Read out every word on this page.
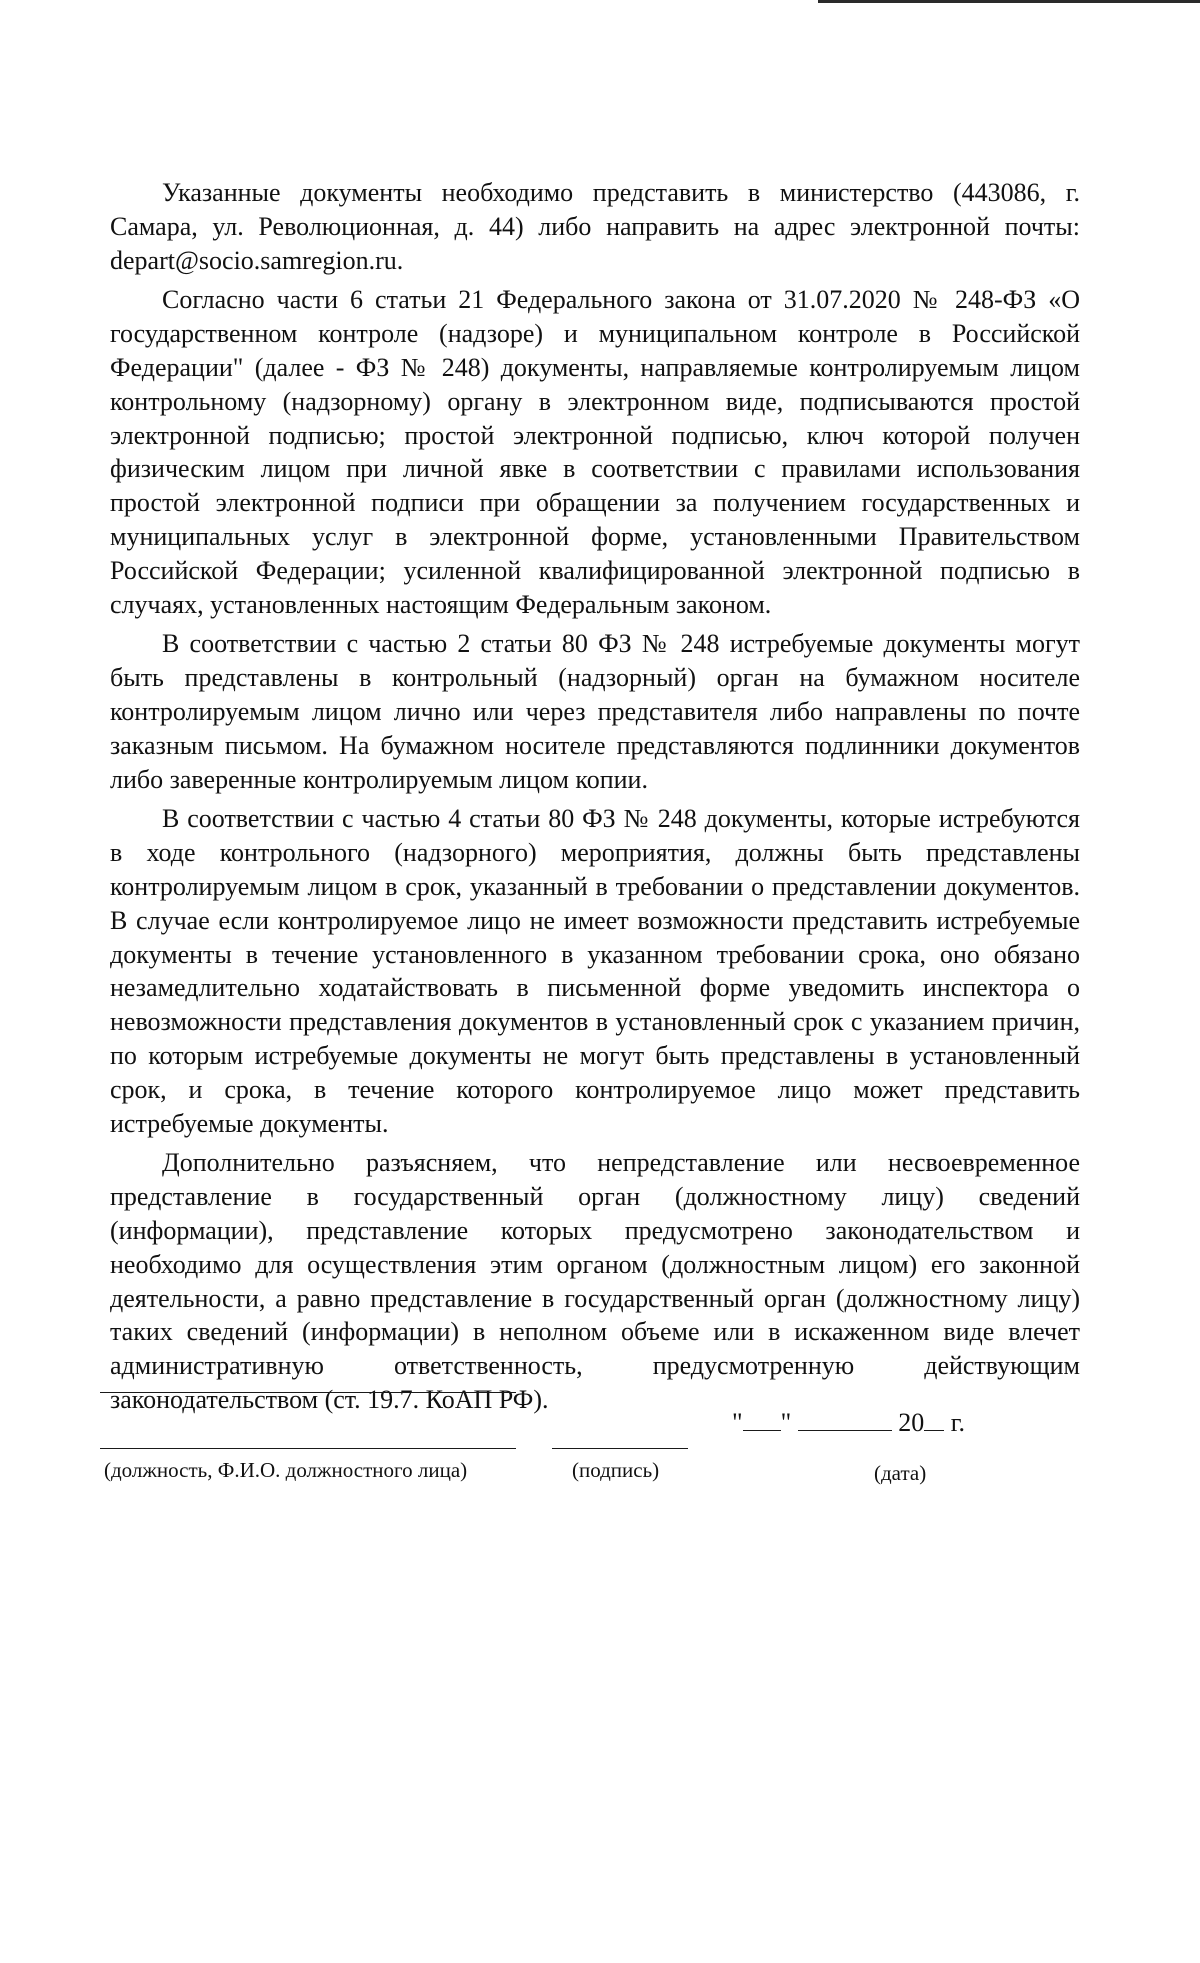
Указанные документы необходимо представить в министерство (443086, г. Самара, ул. Революционная, д. 44) либо направить на адрес электронной почты: depart@socio.samregion.ru.

Согласно части 6 статьи 21 Федерального закона от 31.07.2020 № 248-ФЗ «О государственном контроле (надзоре) и муниципальном контроле в Российской Федерации" (далее - ФЗ № 248) документы, направляемые контролируемым лицом контрольному (надзорному) органу в электронном виде, подписываются простой электронной подписью; простой электронной подписью, ключ которой получен физическим лицом при личной явке в соответствии с правилами использования простой электронной подписи при обращении за получением государственных и муниципальных услуг в электронной форме, установленными Правительством Российской Федерации; усиленной квалифицированной электронной подписью в случаях, установленных настоящим Федеральным законом.

В соответствии с частью 2 статьи 80 ФЗ № 248 истребуемые документы могут быть представлены в контрольный (надзорный) орган на бумажном носителе контролируемым лицом лично или через представителя либо направлены по почте заказным письмом. На бумажном носителе представляются подлинники документов либо заверенные контролируемым лицом копии.

В соответствии с частью 4 статьи 80 ФЗ № 248 документы, которые истребуются в ходе контрольного (надзорного) мероприятия, должны быть представлены контролируемым лицом в срок, указанный в требовании о представлении документов. В случае если контролируемое лицо не имеет возможности представить истребуемые документы в течение установленного в указанном требовании срока, оно обязано незамедлительно ходатайствовать в письменной форме уведомить инспектора о невозможности представления документов в установленный срок с указанием причин, по которым истребуемые документы не могут быть представлены в установленный срок, и срока, в течение которого контролируемое лицо может представить истребуемые документы.

Дополнительно разъясняем, что непредставление или несвоевременное представление в государственный орган (должностному лицу) сведений (информации), представление которых предусмотрено законодательством и необходимо для осуществления этим органом (должностным лицом) его законной деятельности, а равно представление в государственный орган (должностному лицу) таких сведений (информации) в неполном объеме или в искаженном виде влечет административную ответственность, предусмотренную действующим законодательством (ст. 19.7. КоАП РФ).

" "	20 г.
(должность, Ф.И.О. должностного лица)	(подпись)	(дата)
